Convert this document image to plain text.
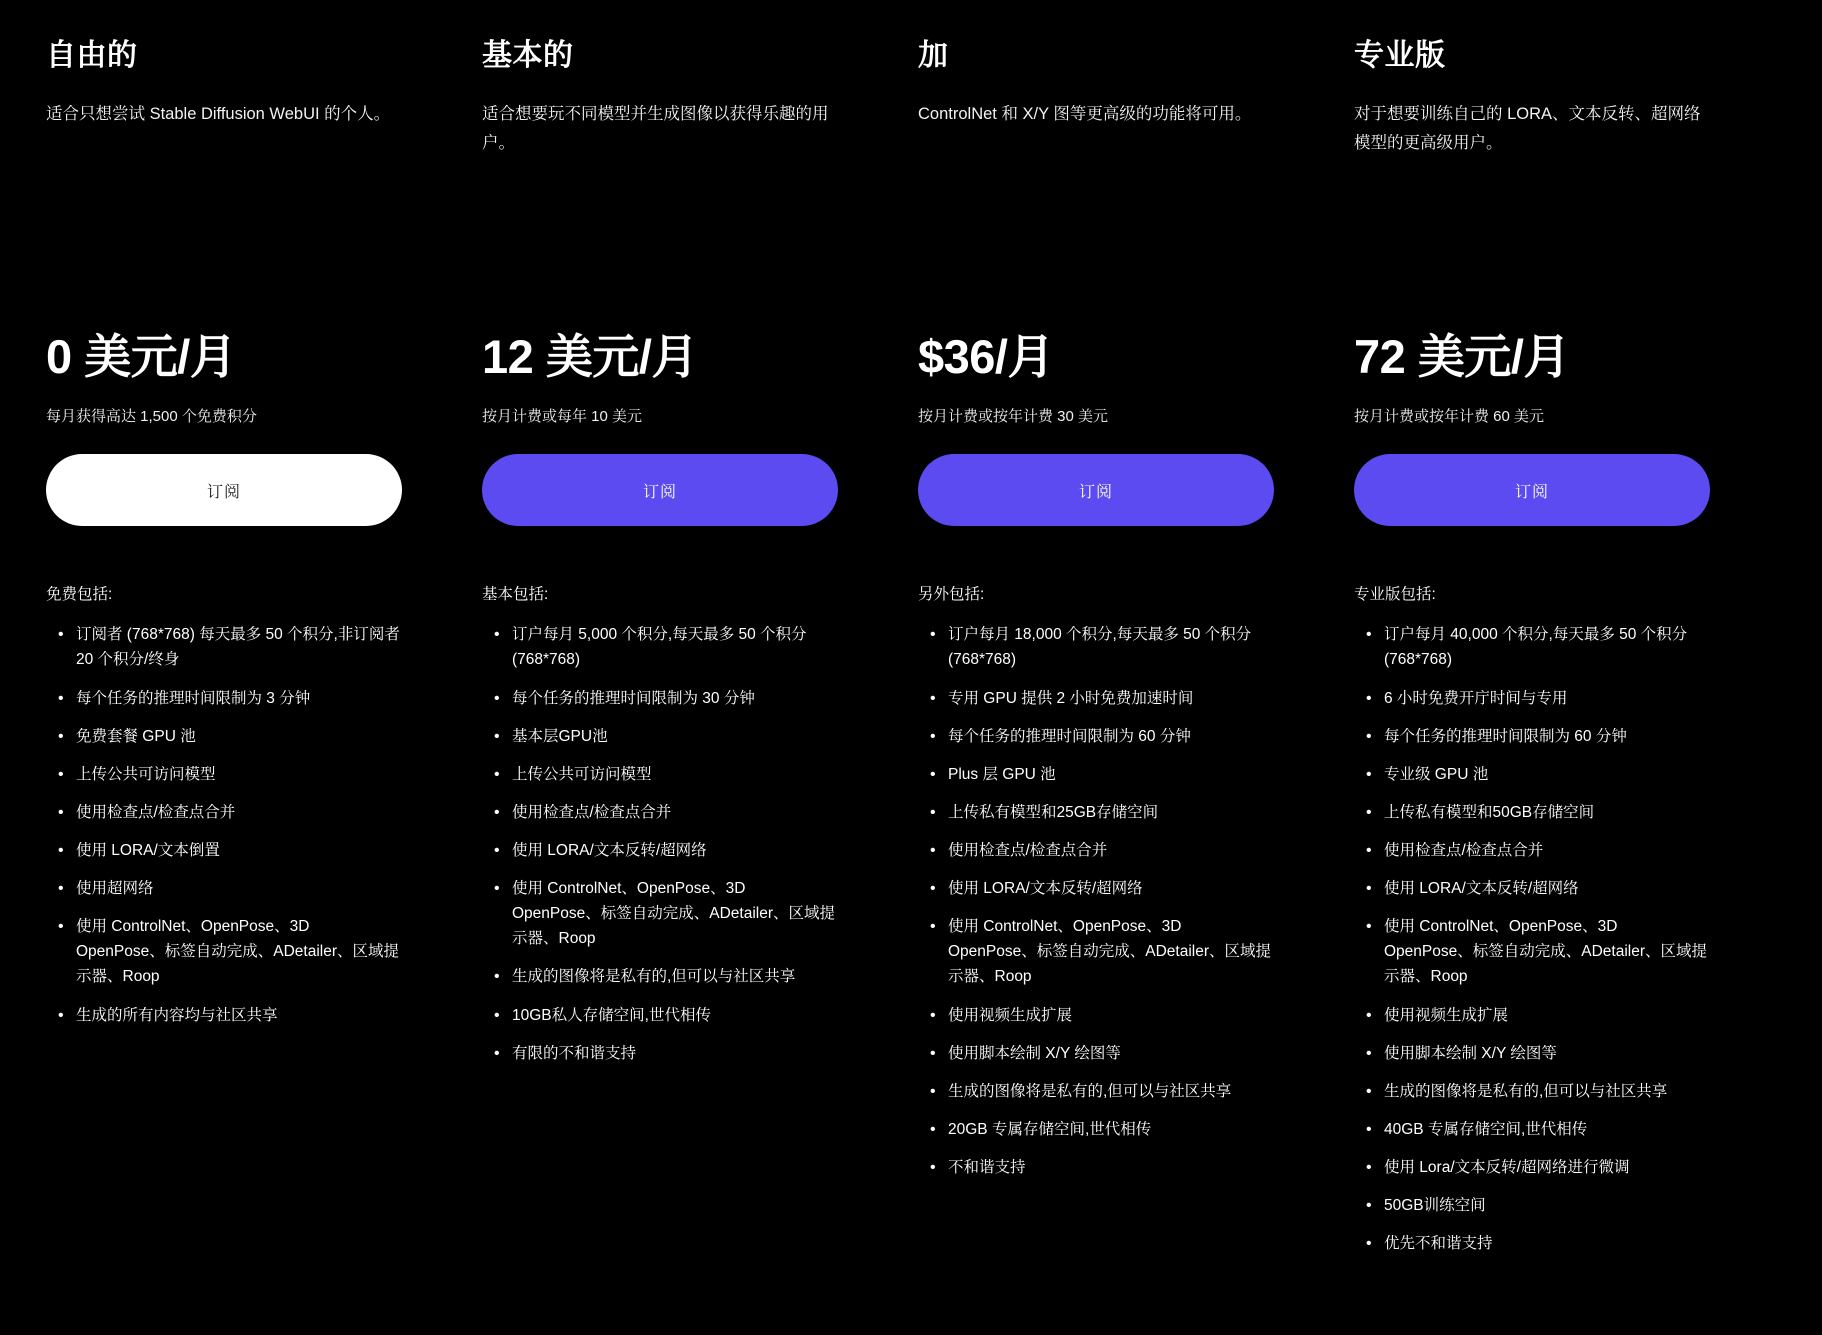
自由的

适合只想尝试 Stable Diffusion WebUI 的个人。

0 美元/月
每月获得高达 1,500 个免费积分
订阅
免费包括:
• 订阅者 (768*768) 每天最多 50 个积分,非订阅者 20 个积分/终身
• 每个任务的推理时间限制为 3 分钟
• 免费套餐 GPU 池
• 上传公共可访问模型
• 使用检查点/检查点合并
• 使用 LORA/文本倒置
• 使用超网络
• 使用 ControlNet、OpenPose、3D OpenPose、标签自动完成、ADetailer、区域提示器、Roop
• 生成的所有内容均与社区共享
基本的

适合想要玩不同模型并生成图像以获得乐趣的用户。

12 美元/月
按月计费或每年 10 美元
订阅
基本包括:
• 订户每月 5,000 个积分,每天最多 50 个积分 (768*768)
• 每个任务的推理时间限制为 30 分钟
• 基本层GPU池
• 上传公共可访问模型
• 使用检查点/检查点合并
• 使用 LORA/文本反转/超网络
• 使用 ControlNet、OpenPose、3D OpenPose、标签自动完成、ADetailer、区域提示器、Roop
• 生成的图像将是私有的,但可以与社区共享
• 10GB私人存储空间,世代相传
• 有限的不和谐支持
加

ControlNet 和 X/Y 图等更高级的功能将可用。

$36/月
按月计费或按年计费 30 美元
订阅
另外包括:
• 订户每月 18,000 个积分,每天最多 50 个积分 (768*768)
• 专用 GPU 提供 2 小时免费加速时间
• 每个任务的推理时间限制为 60 分钟
• Plus 层 GPU 池
• 上传私有模型和25GB存储空间
• 使用检查点/检查点合并
• 使用 LORA/文本反转/超网络
• 使用 ControlNet、OpenPose、3D OpenPose、标签自动完成、ADetailer、区域提示器、Roop
• 使用视频生成扩展
• 使用脚本绘制 X/Y 绘图等
• 生成的图像将是私有的,但可以与社区共享
• 20GB 专属存储空间,世代相传
• 不和谐支持
专业版

对于想要训练自己的 LORA、文本反转、超网络模型的更高级用户。

72 美元/月
按月计费或按年计费 60 美元
订阅
专业版包括:
• 订户每月 40,000 个积分,每天最多 50 个积分 (768*768)
• 6 小时免费开庁时间与专用
• 每个任务的推理时间限制为 60 分钟
• 专业级 GPU 池
• 上传私有模型和50GB存储空间
• 使用检查点/检查点合并
• 使用 LORA/文本反转/超网络
• 使用 ControlNet、OpenPose、3D OpenPose、标签自动完成、ADetailer、区域提示器、Roop
• 使用视频生成扩展
• 使用脚本绘制 X/Y 绘图等
• 生成的图像将是私有的,但可以与社区共享
• 40GB 专属存储空间,世代相传
• 使用 Lora/文本反转/超网络进行微调
• 50GB训练空间
• 优先不和谐支持
